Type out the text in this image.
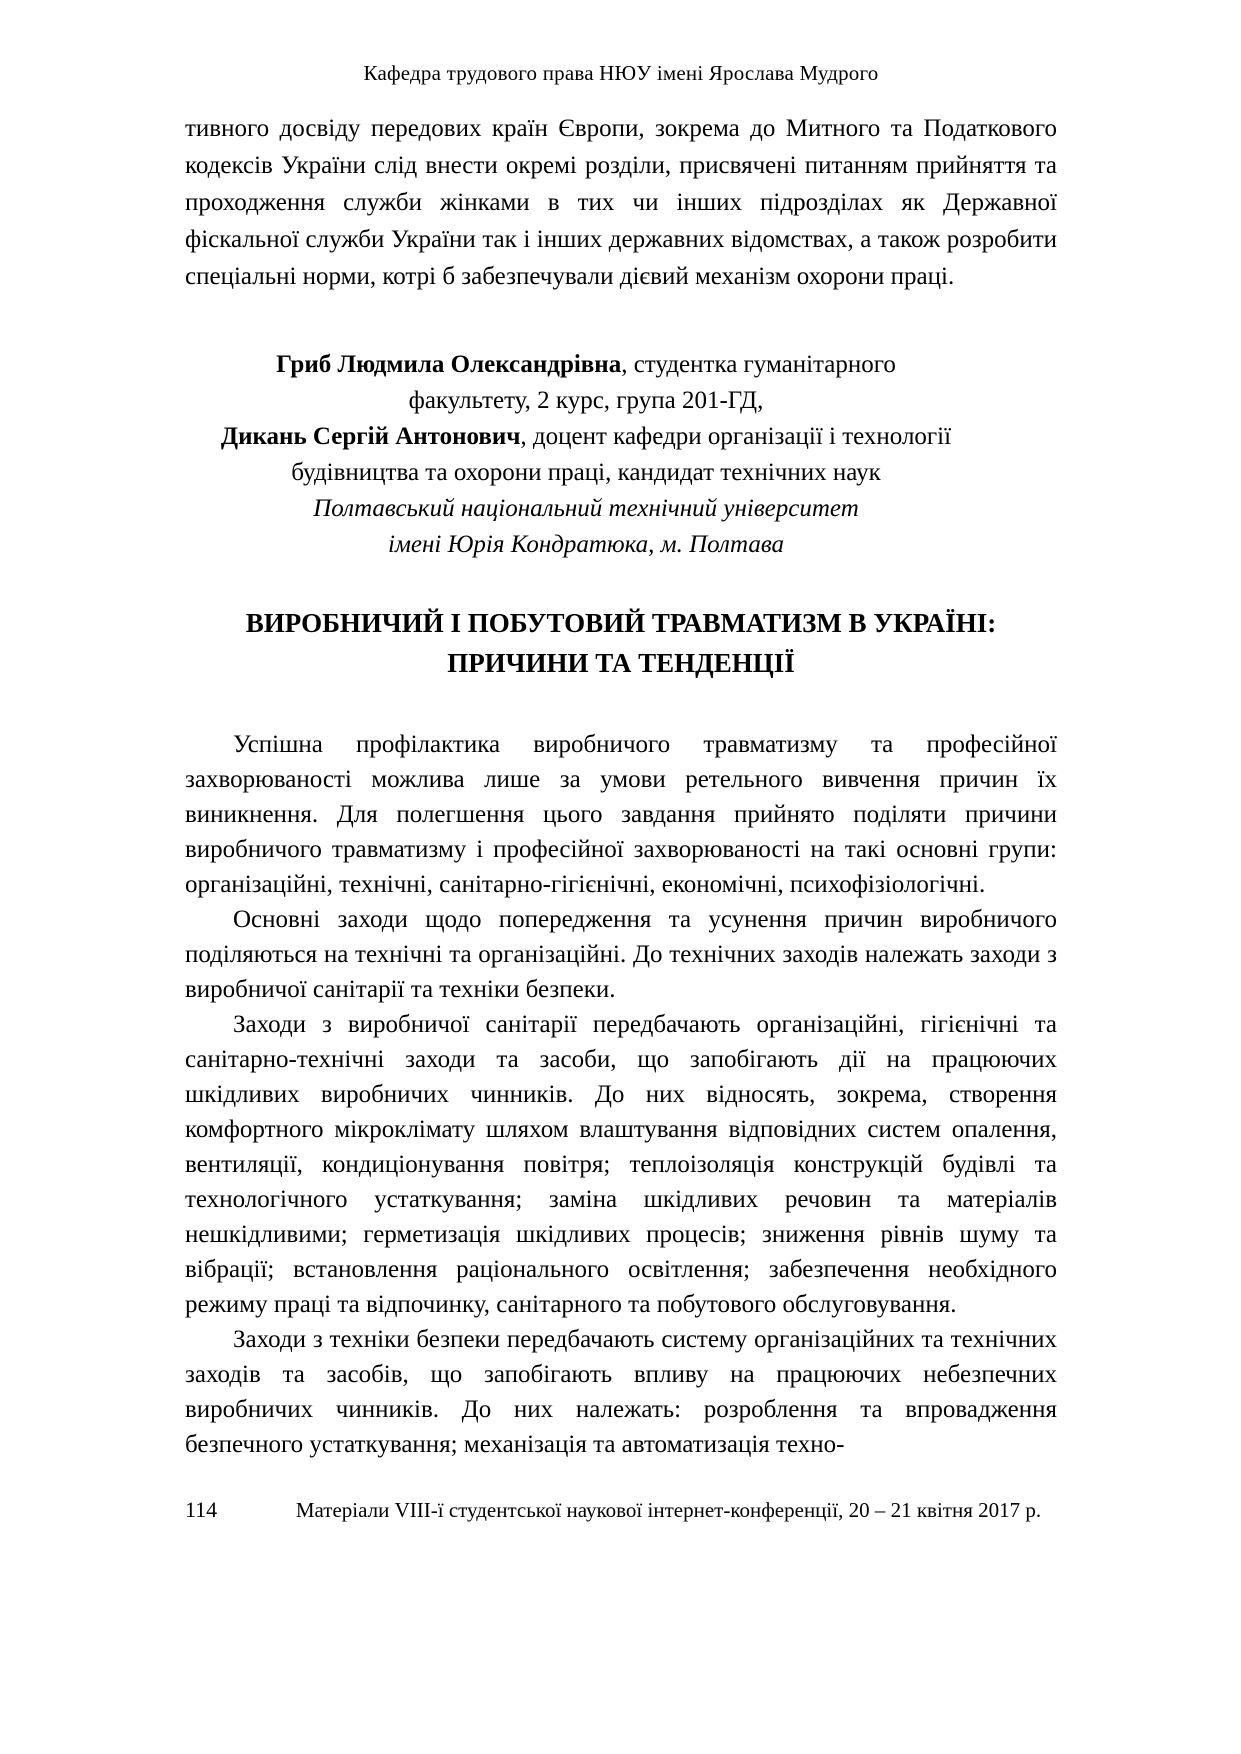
Кафедра трудового права НЮУ імені Ярослава Мудрого
тивного досвіду передових країн Європи, зокрема до Митного та Податкового кодексів України слід внести окремі розділи, присвячені питанням прийняття та проходження служби жінками в тих чи інших підрозділах як Державної фіскальної служби України так і інших державних відомствах, а також розробити спеціальні норми, котрі б забезпечували дієвий механізм охорони праці.
Гриб Людмила Олександрівна, студентка гуманітарного
факультету, 2 курс, група 201-ГД,
Дикань Сергій Антонович, доцент кафедри організації і технології
будівництва та охорони праці, кандидат технічних наук
Полтавський національний технічний університет
імені Юрія Кондратюка, м. Полтава
ВИРОБНИЧИЙ І ПОБУТОВИЙ ТРАВМАТИЗМ В УКРАЇНІ:
ПРИЧИНИ ТА ТЕНДЕНЦІЇ

Успішна профілактика виробничого травматизму та професійної захворюваності можлива лише за умови ретельного вивчення причин їх виникнення. Для полегшення цього завдання прийнято поділяти причини виробничого травматизму і професійної захворюваності на такі основні групи: організаційні, технічні, санітарно-гігієнічні, економічні, психофізіологічні.

Основні заходи щодо попередження та усунення причин виробничого поділяються на технічні та організаційні. До технічних заходів належать заходи з виробничої санітарії та техніки безпеки.

Заходи з виробничої санітарії передбачають організаційні, гігієнічні та санітарно-технічні заходи та засоби, що запобігають дії на працюючих шкідливих виробничих чинників. До них відносять, зокрема, створення комфортного мікроклімату шляхом влаштування відповідних систем опалення, вентиляції, кондиціонування повітря; теплоізоляція конструкцій будівлі та технологічного устаткування; заміна шкідливих речовин та матеріалів нешкідливими; герметизація шкідливих процесів; зниження рівнів шуму та вібрації; встановлення раціонального освітлення; забезпечення необхідного режиму праці та відпочинку, санітарного та побутового обслуговування.

Заходи з техніки безпеки передбачають систему організаційних та технічних заходів та засобів, що запобігають впливу на працюючих небезпечних виробничих чинників. До них належать: розроблення та впровадження безпечного устаткування; механізація та автоматизація техно-

114	Матеріали VIII-ї студентської наукової інтернет-конференції, 20 – 21 квітня 2017 р.
